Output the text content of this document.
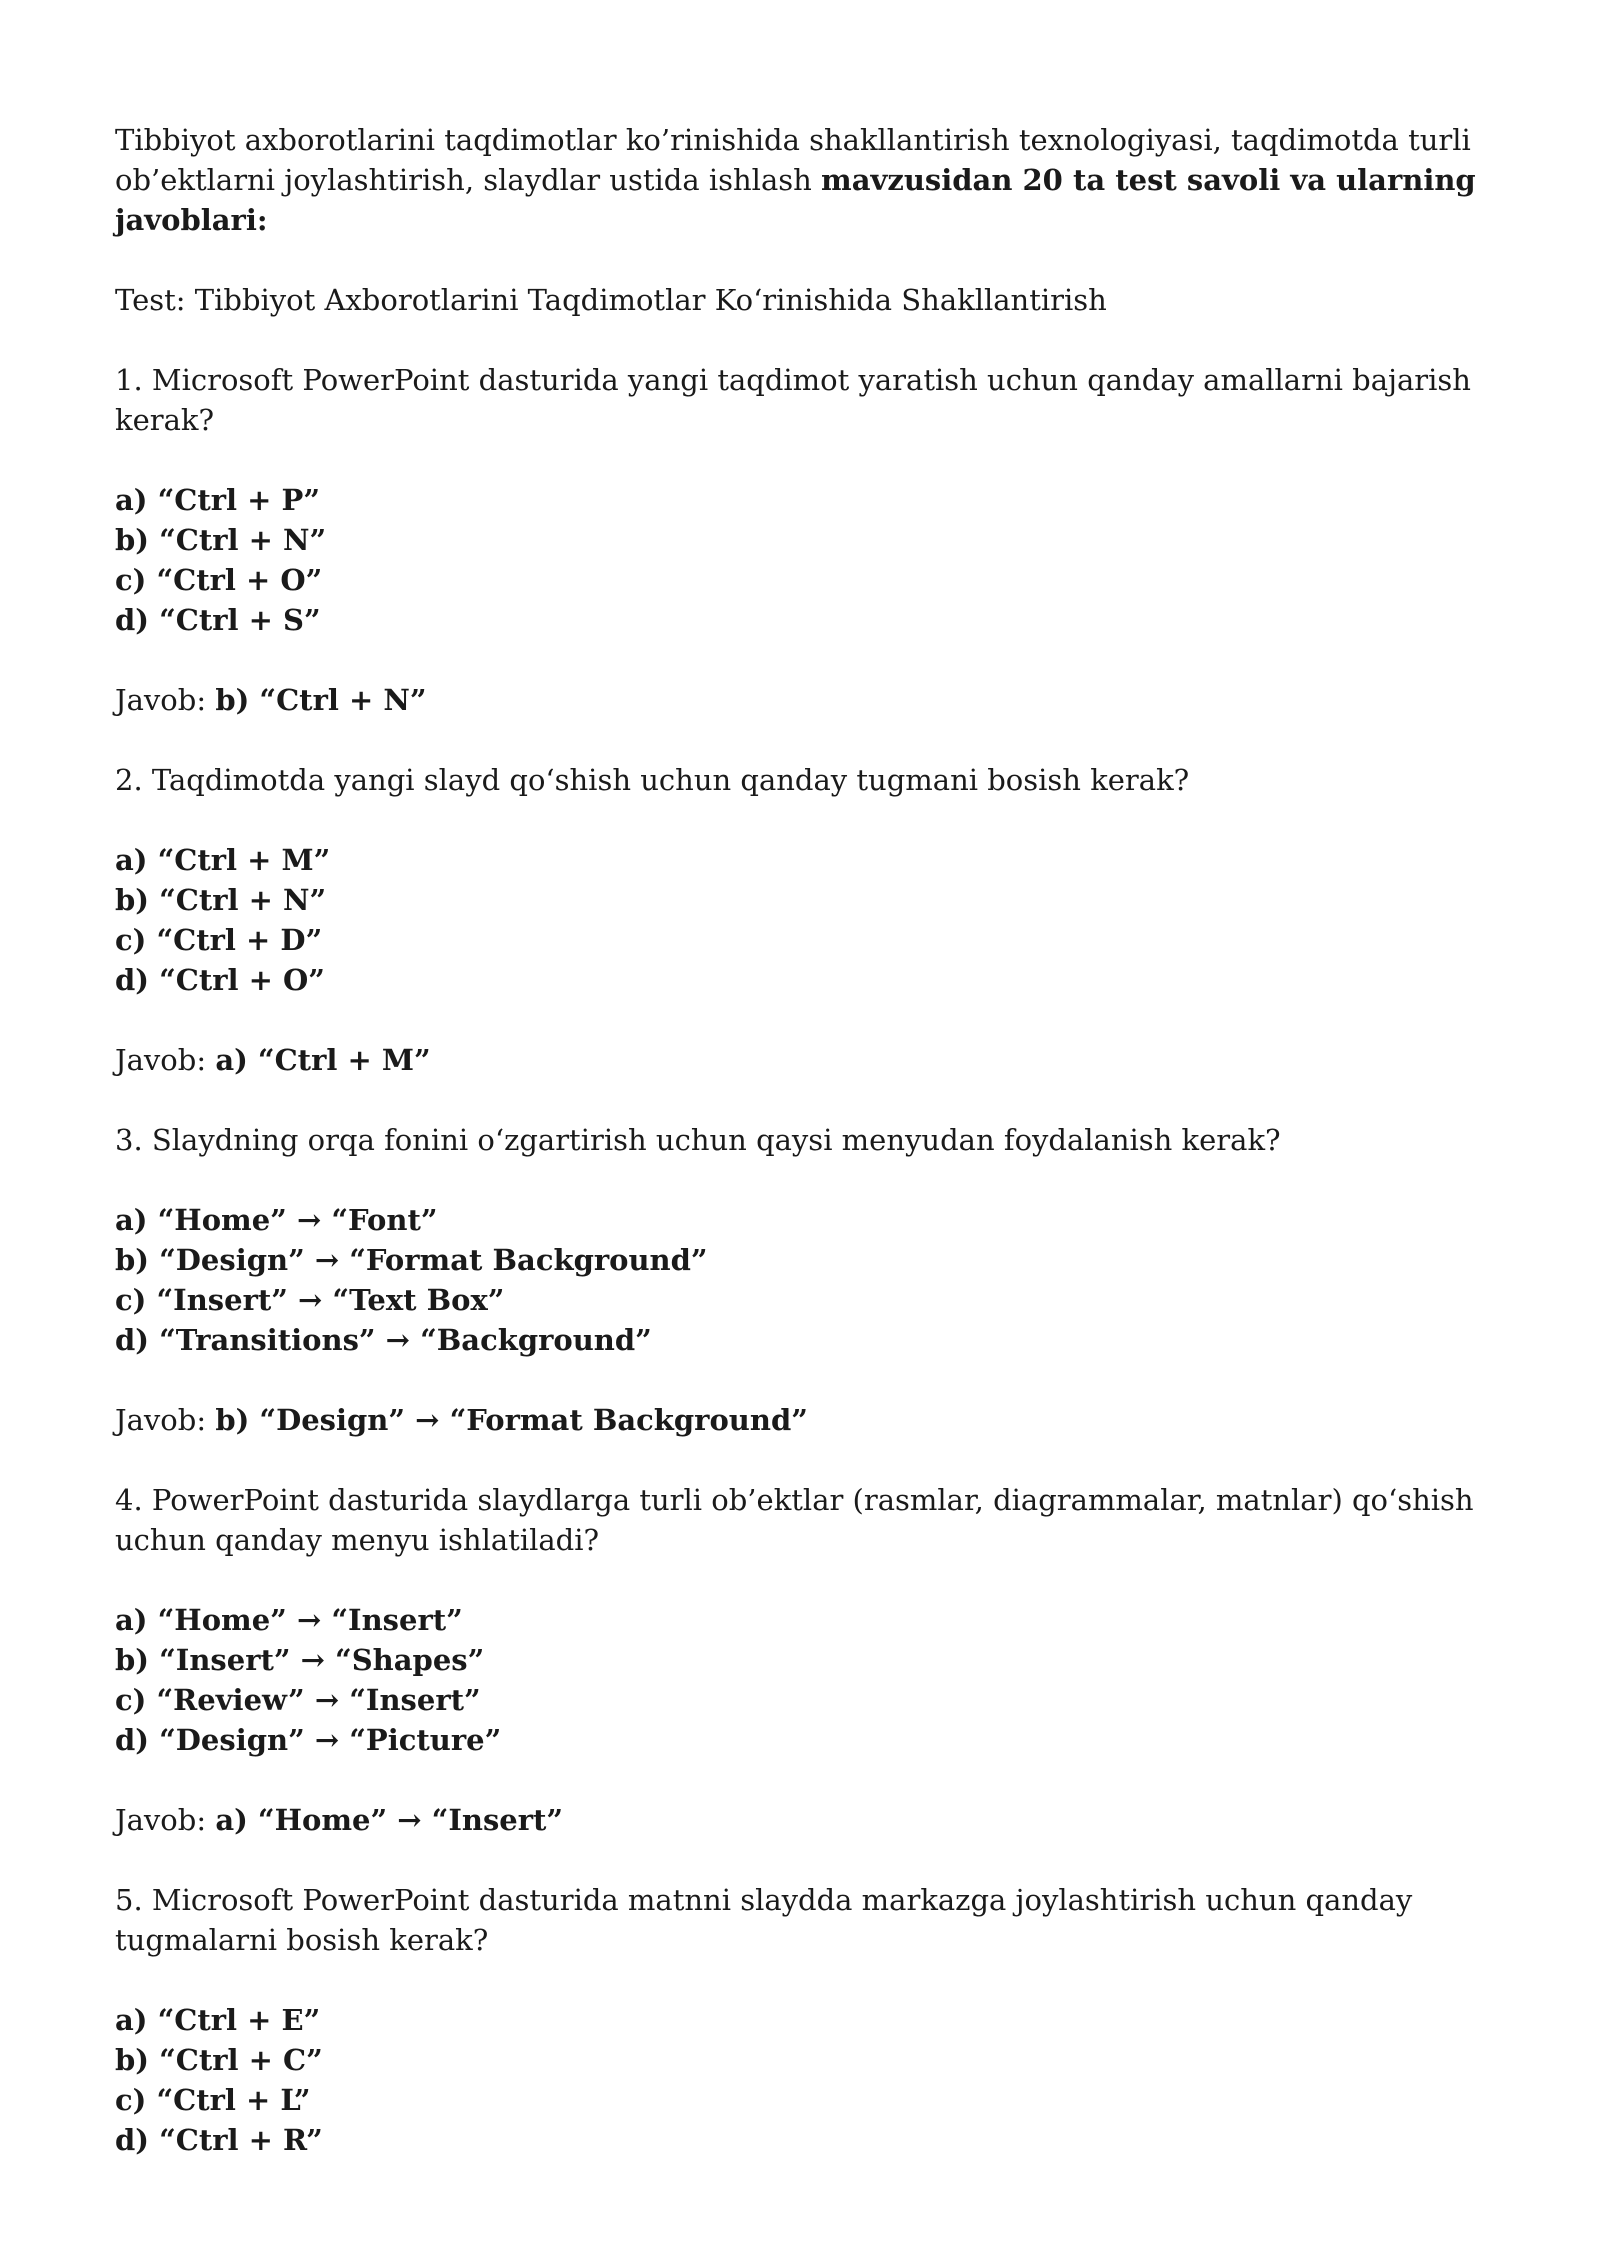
Tibbiyot axborotlarini taqdimotlar ko’rinishida shakllantirish texnologiyasi, taqdimotda turli ob’ektlarni joylashtirish, slaydlar ustida ishlash mavzusidan 20 ta test savoli va ularning javoblari:

Test: Tibbiyot Axborotlarini Taqdimotlar Koʻrinishida Shakllantirish

1. Microsoft PowerPoint dasturida yangi taqdimot yaratish uchun qanday amallarni bajarish kerak?

a) “Ctrl + P”

b) “Ctrl + N”

c) “Ctrl + O”

d) “Ctrl + S”

Javob: b) “Ctrl + N”

2. Taqdimotda yangi slayd qoʻshish uchun qanday tugmani bosish kerak?

a) “Ctrl + M”

b) “Ctrl + N”

c) “Ctrl + D”

d) “Ctrl + O”

Javob: a) “Ctrl + M”

3. Slaydning orqa fonini oʻzgartirish uchun qaysi menyudan foydalanish kerak?

a) “Home” → “Font”

b) “Design” → “Format Background”

c) “Insert” → “Text Box”

d) “Transitions” → “Background”

Javob: b) “Design” → “Format Background”

4. PowerPoint dasturida slaydlarga turli ob’ektlar (rasmlar, diagrammalar, matnlar) qoʻshish uchun qanday menyu ishlatiladi?

a) “Home” → “Insert”

b) “Insert” → “Shapes”

c) “Review” → “Insert”

d) “Design” → “Picture”

Javob: a) “Home” → “Insert”

5. Microsoft PowerPoint dasturida matnni slaydda markazga joylashtirish uchun qanday tugmalarni bosish kerak?

a) “Ctrl + E”

b) “Ctrl + C”

c) “Ctrl + L”

d) “Ctrl + R”
